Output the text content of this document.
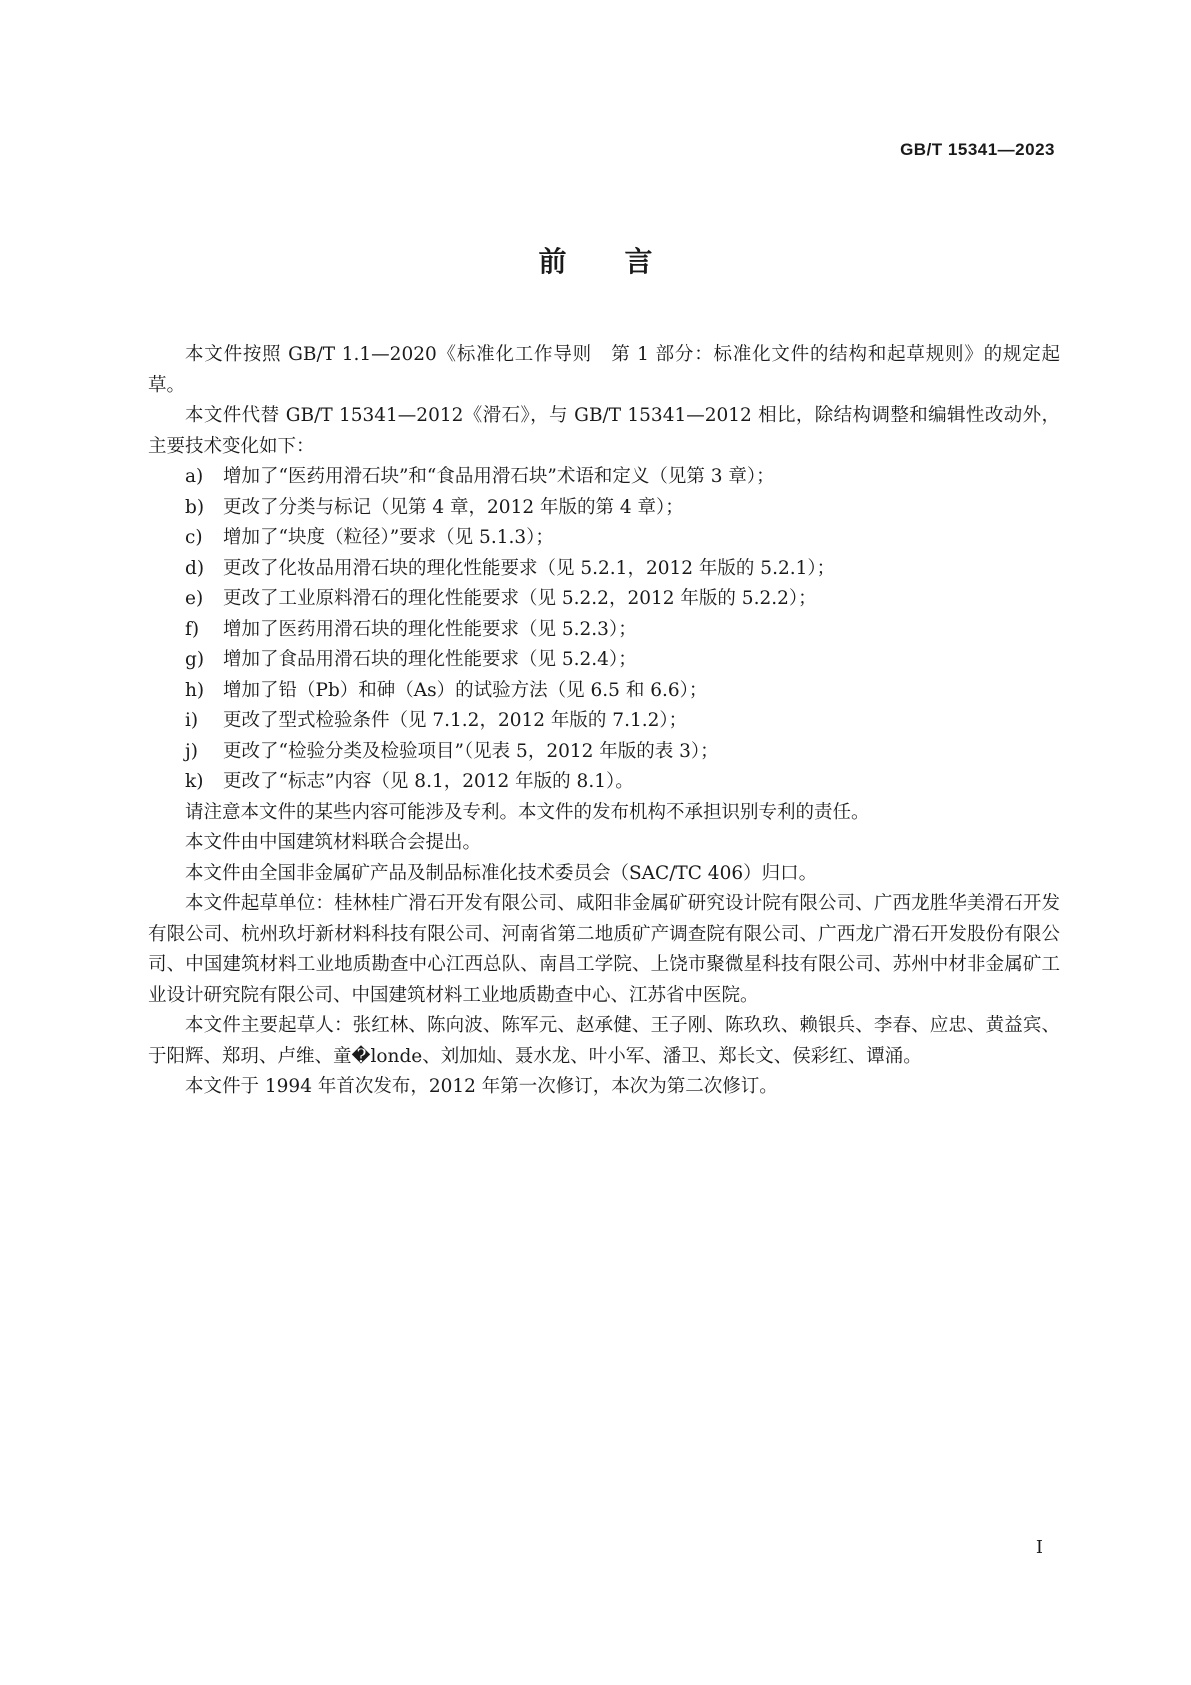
GB/T 15341—2023
前言

本文件按照 GB/T 1.1—2020《标准化工作导则　第 1 部分：标准化文件的结构和起草规则》的规定起草。

本文件代替 GB/T 15341—2012《滑石》，与 GB/T 15341—2012 相比，除结构调整和编辑性改动外，主要技术变化如下：

a)	增加了“医药用滑石块”和“食品用滑石块”术语和定义（见第 3 章）；
b)	更改了分类与标记（见第 4 章，2012 年版的第 4 章）；
c)	增加了“块度（粒径）”要求（见 5.1.3）；
d)	更改了化妆品用滑石块的理化性能要求（见 5.2.1，2012 年版的 5.2.1）；
e)	更改了工业原料滑石的理化性能要求（见 5.2.2，2012 年版的 5.2.2）；
f)	增加了医药用滑石块的理化性能要求（见 5.2.3）；
g)	增加了食品用滑石块的理化性能要求（见 5.2.4）；
h)	增加了铅（Pb）和砷（As）的试验方法（见 6.5 和 6.6）；
i)	更改了型式检验条件（见 7.1.2，2012 年版的 7.1.2）；
j)	更改了“检验分类及检验项目”（见表 5，2012 年版的表 3）；
k)	更改了“标志”内容（见 8.1，2012 年版的 8.1）。

请注意本文件的某些内容可能涉及专利。本文件的发布机构不承担识别专利的责任。

本文件由中国建筑材料联合会提出。

本文件由全国非金属矿产品及制品标准化技术委员会（SAC/TC 406）归口。

本文件起草单位：桂林桂广滑石开发有限公司、咸阳非金属矿研究设计院有限公司、广西龙胜华美滑石开发有限公司、杭州玖圩新材料科技有限公司、河南省第二地质矿产调查院有限公司、广西龙广滑石开发股份有限公司、中国建筑材料工业地质勘查中心江西总队、南昌工学院、上饶市聚微星科技有限公司、苏州中材非金属矿工业设计研究院有限公司、中国建筑材料工业地质勘查中心、江苏省中医院。

本文件主要起草人：张红林、陈向波、陈军元、赵承健、王子刚、陈玖玖、赖银兵、李春、应忠、黄益宾、于阳辉、郑玥、卢维、童�londe、刘加灿、聂水龙、叶小军、潘卫、郑长文、侯彩红、谭涌。

本文件于 1994 年首次发布，2012 年第一次修订，本次为第二次修订。

I
